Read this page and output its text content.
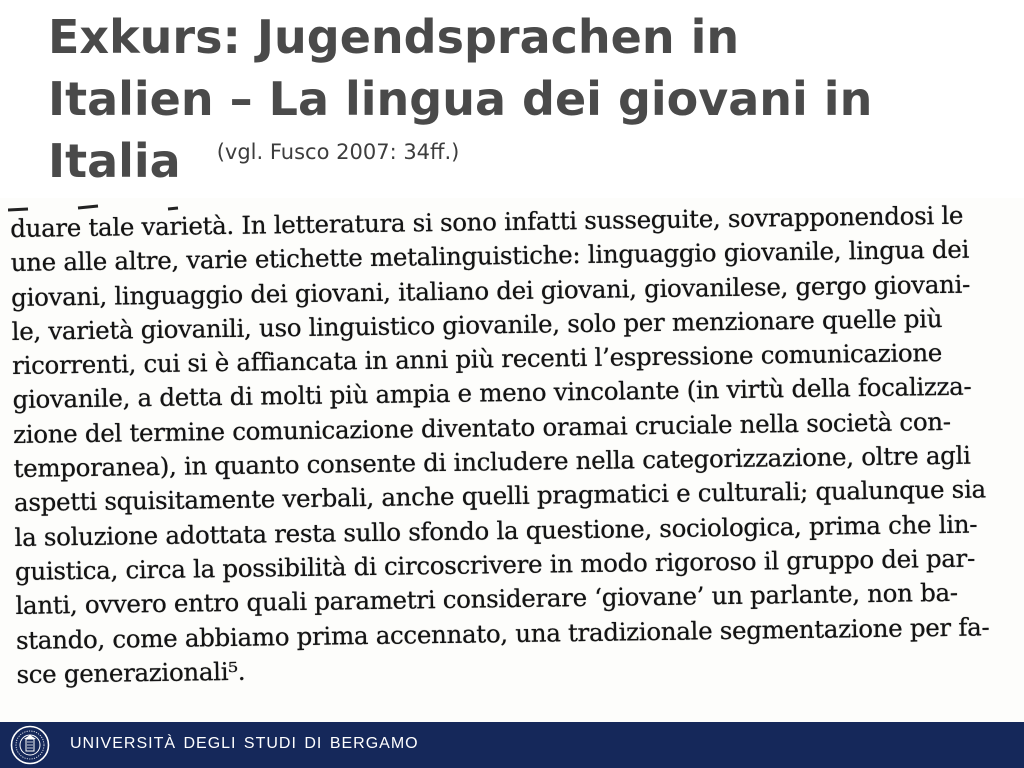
Exkurs: Jugendsprachen in
Italien – La lingua dei giovani in
Italia $^{(vgl. Fusco 2007: 34ff.)}$
duare tale varietà. In letteratura si sono infatti susseguite, sovrapponendosi le
une alle altre, varie etichette metalinguistiche: linguaggio giovanile, lingua dei
giovani, linguaggio dei giovani, italiano dei giovani, giovanilese, gergo giovani-
le, varietà giovanili, uso linguistico giovanile, solo per menzionare quelle più
ricorrenti, cui si è affiancata in anni più recenti l’espressione comunicazione
giovanile, a detta di molti più ampia e meno vincolante (in virtù della focalizza-
zione del termine comunicazione diventato oramai cruciale nella società con-
temporanea), in quanto consente di includere nella categorizzazione, oltre agli
aspetti squisitamente verbali, anche quelli pragmatici e culturali; qualunque sia
la soluzione adottata resta sullo sfondo la questione, sociologica, prima che lin-
guistica, circa la possibilità di circoscrivere in modo rigoroso il gruppo dei par-
lanti, ovvero entro quali parametri considerare ‘giovane’ un parlante, non ba-
stando, come abbiamo prima accennato, una tradizionale segmentazione per fa-
sce generazionali⁵.
UNIVERSITÀ DEGLI STUDI DI BERGAMO
